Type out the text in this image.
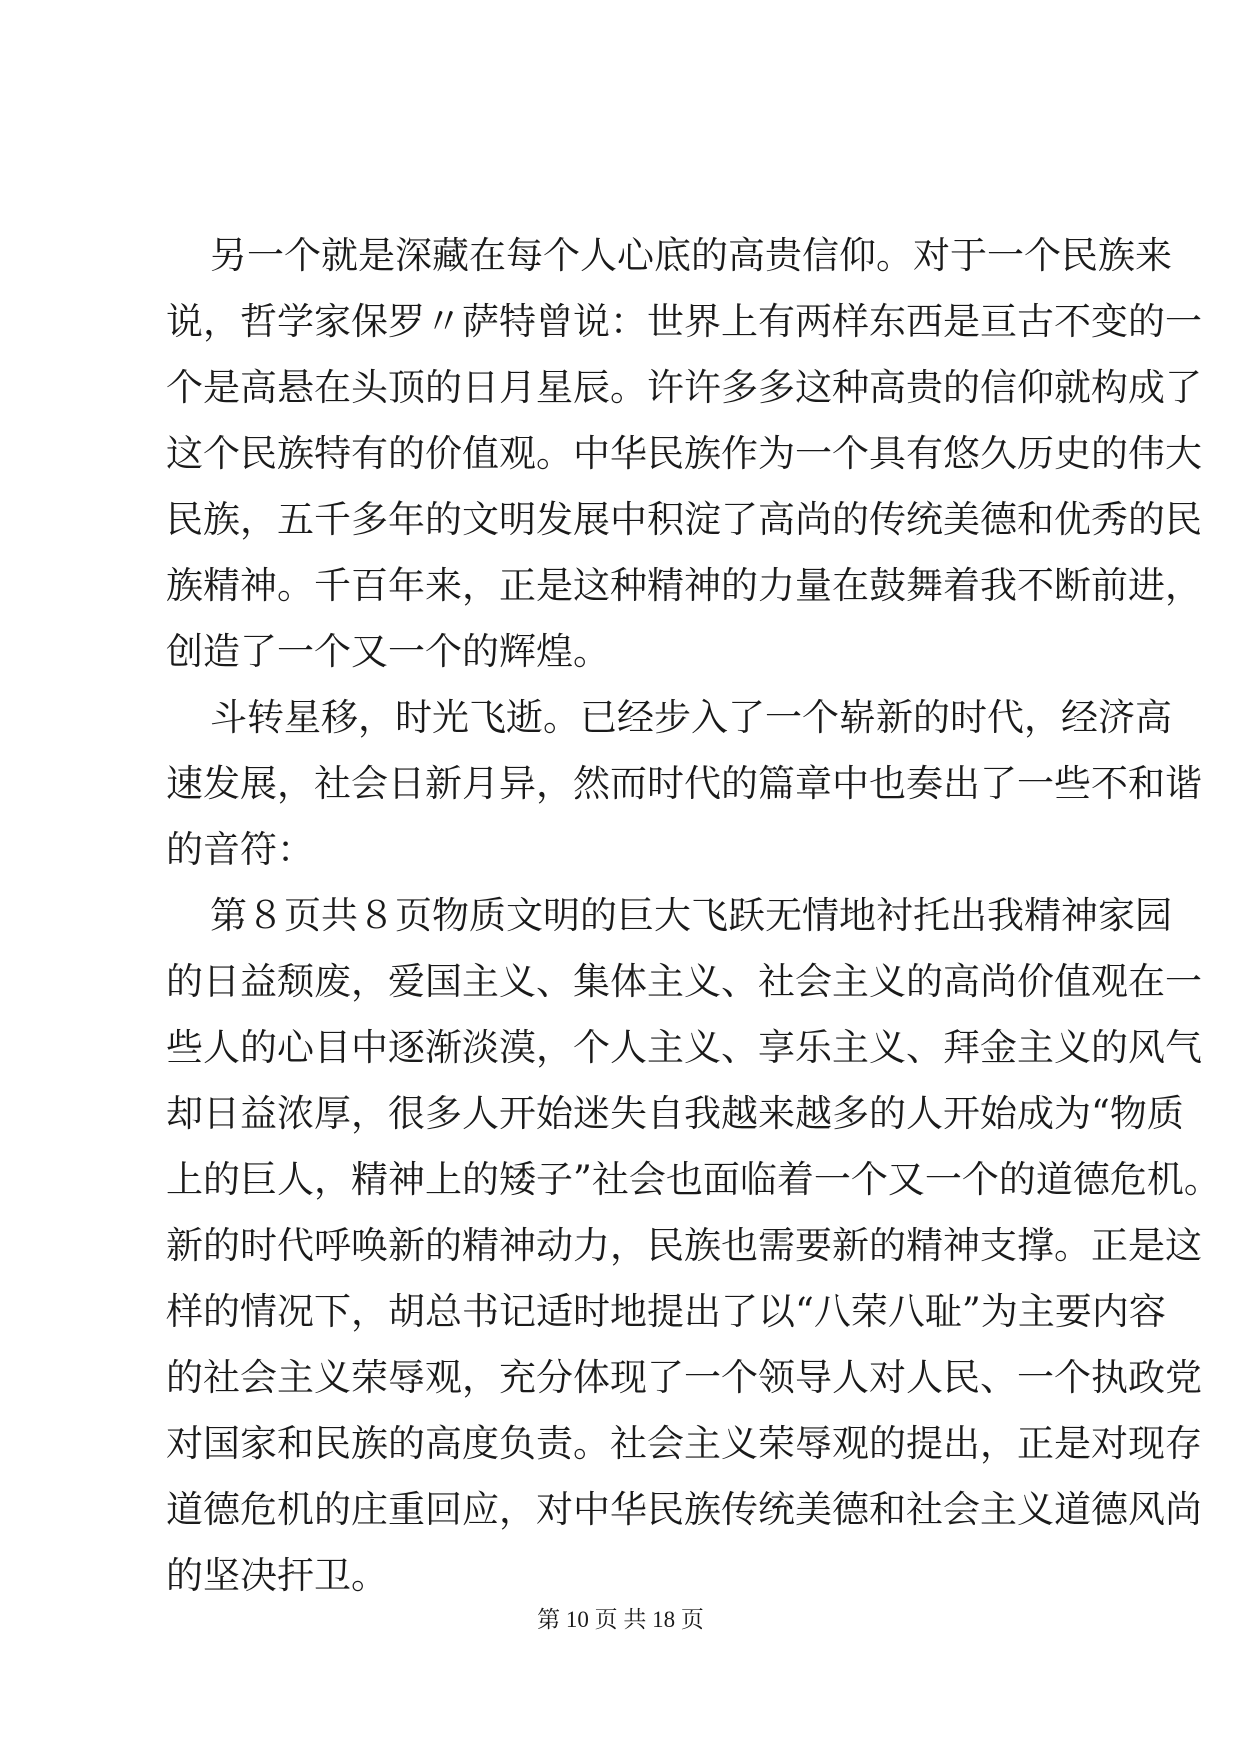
另一个就是深藏在每个人心底的高贵信仰。对于一个民族来
说，哲学家保罗〃萨特曾说：世界上有两样东西是亘古不变的一
个是高悬在头顶的日月星辰。许许多多这种高贵的信仰就构成了
这个民族特有的价值观。中华民族作为一个具有悠久历史的伟大
民族，五千多年的文明发展中积淀了高尚的传统美德和优秀的民
族精神。千百年来，正是这种精神的力量在鼓舞着我不断前进，
创造了一个又一个的辉煌。
斗转星移，时光飞逝。已经步入了一个崭新的时代，经济高
速发展，社会日新月异，然而时代的篇章中也奏出了一些不和谐
的音符：
第８页共８页物质文明的巨大飞跃无情地衬托出我精神家园
的日益颓废，爱国主义、集体主义、社会主义的高尚价值观在一
些人的心目中逐渐淡漠，个人主义、享乐主义、拜金主义的风气
却日益浓厚，很多人开始迷失自我越来越多的人开始成为“物质
上的巨人，精神上的矮子”社会也面临着一个又一个的道德危机。
新的时代呼唤新的精神动力，民族也需要新的精神支撑。正是这
样的情况下，胡总书记适时地提出了以“八荣八耻”为主要内容
的社会主义荣辱观，充分体现了一个领导人对人民、一个执政党
对国家和民族的高度负责。社会主义荣辱观的提出，正是对现存
道德危机的庄重回应，对中华民族传统美德和社会主义道德风尚
的坚决扞卫。
第 10 页 共 18 页
